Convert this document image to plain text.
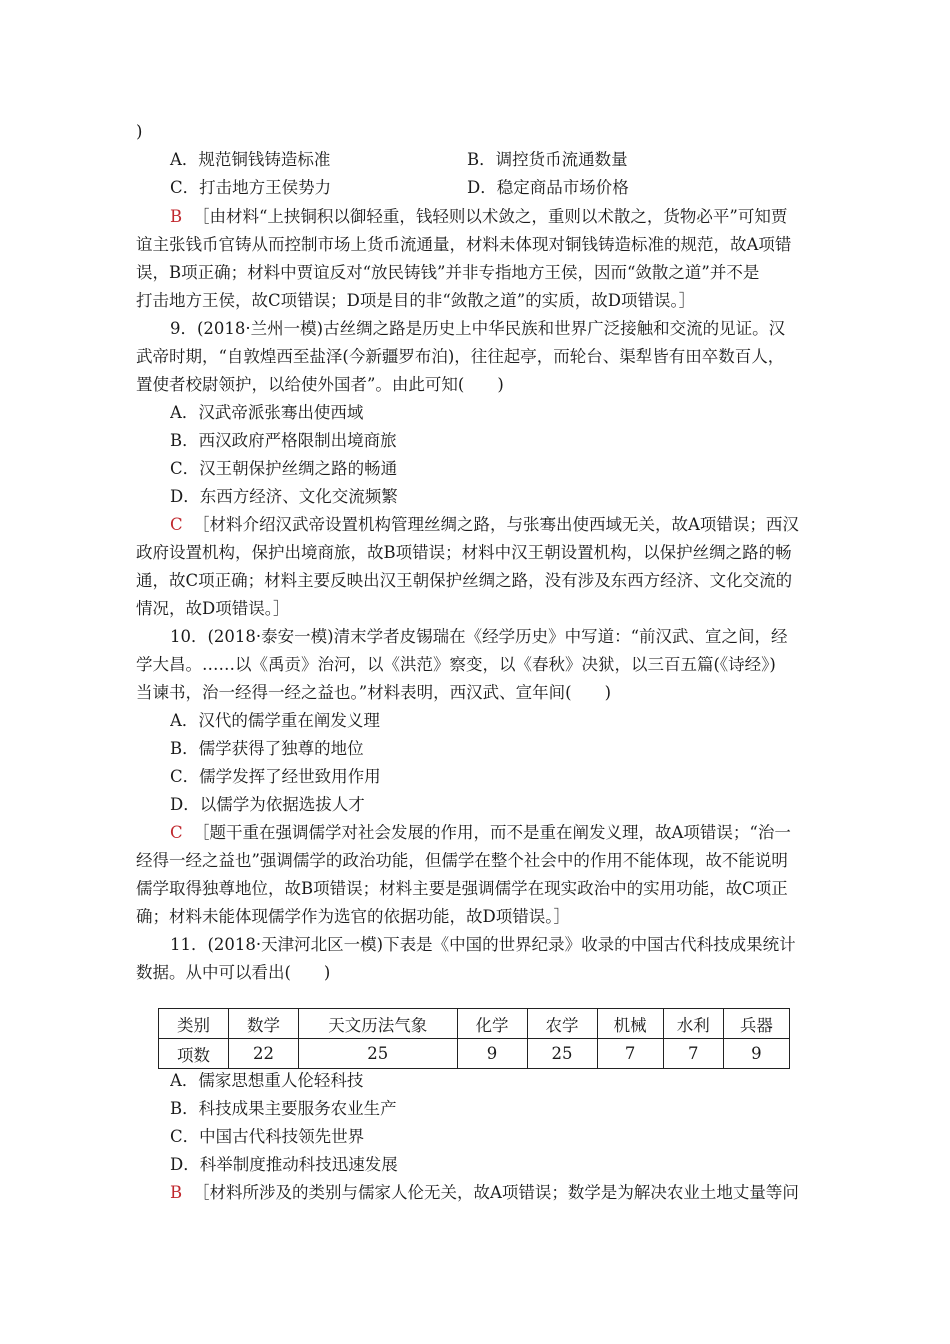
)
A．规范铜钱铸造标准	B．调控货币流通数量
C．打击地方王侯势力	D．稳定商品市场价格
B ［由材料“上挟铜积以御轻重，钱轻则以术敛之，重则以术散之，货物必平”可知贾
谊主张钱币官铸从而控制市场上货币流通量，材料未体现对铜钱铸造标准的规范，故A项错
误，B项正确；材料中贾谊反对“放民铸钱”并非专指地方王侯，因而“敛散之道”并不是
打击地方王侯，故C项错误；D项是目的非“敛散之道”的实质，故D项错误。］
9．(2018·兰州一模)古丝绸之路是历史上中华民族和世界广泛接触和交流的见证。汉
武帝时期，“自敦煌西至盐泽(今新疆罗布泊)，往往起亭，而轮台、渠犁皆有田卒数百人，
置使者校尉领护，以给使外国者”。由此可知(　　)
A．汉武帝派张骞出使西域
B．西汉政府严格限制出境商旅
C．汉王朝保护丝绸之路的畅通
D．东西方经济、文化交流频繁
C ［材料介绍汉武帝设置机构管理丝绸之路，与张骞出使西域无关，故A项错误；西汉
政府设置机构，保护出境商旅，故B项错误；材料中汉王朝设置机构，以保护丝绸之路的畅
通，故C项正确；材料主要反映出汉王朝保护丝绸之路，没有涉及东西方经济、文化交流的
情况，故D项错误。］
10．(2018·泰安一模)清末学者皮锡瑞在《经学历史》中写道：“前汉武、宣之间，经
学大昌。……以《禹贡》治河，以《洪范》察变，以《春秋》决狱，以三百五篇(《诗经》)
当谏书，治一经得一经之益也。”材料表明，西汉武、宣年间(　　)
A．汉代的儒学重在阐发义理
B．儒学获得了独尊的地位
C．儒学发挥了经世致用作用
D．以儒学为依据选拔人才
C ［题干重在强调儒学对社会发展的作用，而不是重在阐发义理，故A项错误；“治一
经得一经之益也”强调儒学的政治功能，但儒学在整个社会中的作用不能体现，故不能说明
儒学取得独尊地位，故B项错误；材料主要是强调儒学在现实政治中的实用功能，故C项正
确；材料未能体现儒学作为选官的依据功能，故D项错误。］
11．(2018·天津河北区一模)下表是《中国的世界纪录》收录的中国古代科技成果统计
数据。从中可以看出(　　)
类别	数学	天文历法气象	化学	农学	机械	水利	兵器
项数	22	25	9	25	7	7	9
A．儒家思想重人伦轻科技
B．科技成果主要服务农业生产
C．中国古代科技领先世界
D．科举制度推动科技迅速发展
B ［材料所涉及的类别与儒家人伦无关，故A项错误；数学是为解决农业土地丈量等问
